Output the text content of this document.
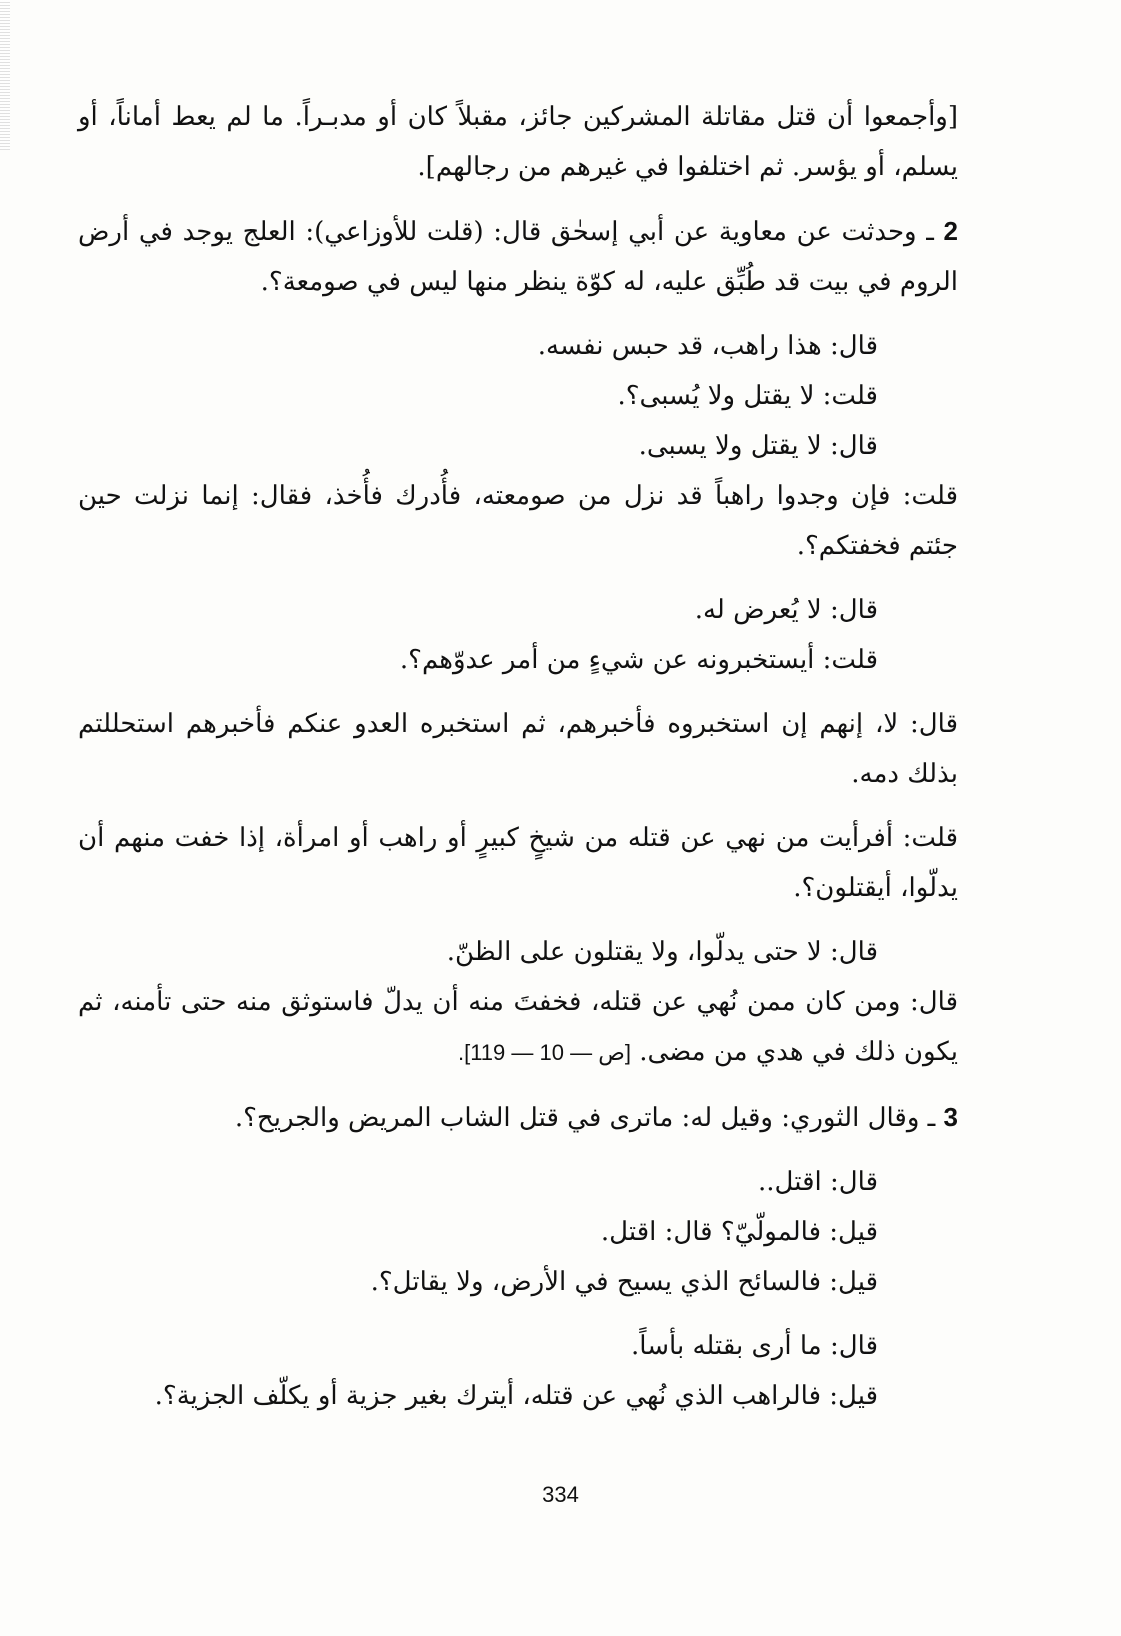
[وأجمعوا أن قتل مقاتلة المشركين جائز، مقبلاً كان أو مدبـراً. ما لم يعط أماناً، أو يسلم، أو يؤسر. ثم اختلفوا في غيرهم من رجالهم].

2 ـ وحدثت عن معاوية عن أبي إسحٰق قال: (قلت للأوزاعي): العلج يوجد في أرض الروم في بيت قد طُبِّق عليه، له كوّة ينظر منها ليس في صومعة؟.

قال: هذا راهب، قد حبس نفسه.

قلت: لا يقتل ولا يُسبى؟.

قال: لا يقتل ولا يسبى.

قلت: فإن وجدوا راهباً قد نزل من صومعته، فأُدرك فأُخذ، فقال: إنما نزلت حين جئتم فخفتكم؟.

قال: لا يُعرض له.

قلت: أيستخبرونه عن شيءٍ من أمر عدوّهم؟.

قال: لا، إنهم إن استخبروه فأخبرهم، ثم استخبره العدو عنكم فأخبرهم استحللتم بذلك دمه.

قلت: أفرأيت من نهي عن قتله من شيخٍ كبيرٍ أو راهب أو امرأة، إذا خفت منهم أن يدلّوا، أيقتلون؟.

قال: لا حتى يدلّوا، ولا يقتلون على الظنّ.

قال: ومن كان ممن نُهي عن قتله، فخفتَ منه أن يدلّ فاستوثق منه حتى تأمنه، ثم يكون ذلك في هدي من مضى. [ص — 10 — 119].

3 ـ وقال الثوري: وقيل له: ماترى في قتل الشاب المريض والجريح؟.

قال: اقتل..

قيل: فالمولّيّ؟ قال: اقتل.

قيل: فالسائح الذي يسيح في الأرض، ولا يقاتل؟.

قال: ما أرى بقتله بأساً.

قيل: فالراهب الذي نُهي عن قتله، أيترك بغير جزية أو يكلّف الجزية؟.

334
